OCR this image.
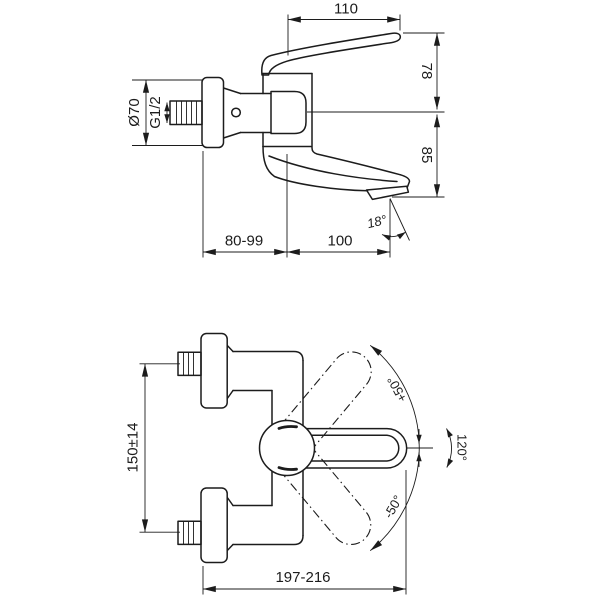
110
78
85
Ø70 G1/2
80-99	100
18°
+50°
-50°
120°
150±14
197-216
